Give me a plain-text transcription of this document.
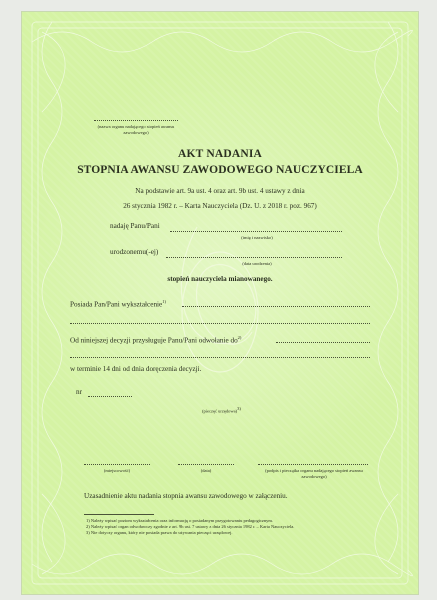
(nazwa organu nadającego stopień awansu zawodowego)
AKT NADANIA
STOPNIA AWANSU ZAWODOWEGO NAUCZYCIELA
Na podstawie art. 9a ust. 4 oraz art. 9b ust. 4 ustawy z dnia
26 stycznia 1982 r. – Karta Nauczyciela (Dz. U. z 2018 r. poz. 967)
nadaję Panu/Pani
(imię i nazwisko)
urodzonemu(-ej)
(data urodzenia)
stopień nauczyciela mianowanego.
Posiada Pan/Pani wykształcenie$^{1)}$
Od niniejszej decyzji przysługuje Panu/Pani odwołanie $do^{2)}$
w terminie 14 dni od dnia doręczenia decyzji.
nr
(pieczęć urzędowa)$^{3)}$
(miejscowość)	(data)	(podpis i pieczątka organu nadającego stopień awansu zawodowego)
Uzasadnienie aktu nadania stopnia awansu zawodowego w załączeniu.
1) Należy wpisać poziom wykształcenia oraz informację o posiadanym przygotowaniu pedagogicznym.
2) Należy wpisać organ odwoławczy zgodnie z art. 9h ust. 7 ustawy z dnia 26 stycznia 1982 r. – Karta Nauczyciela.
3) Nie dotyczy organu, który nie posiada prawa do używania pieczęci urzędowej.
